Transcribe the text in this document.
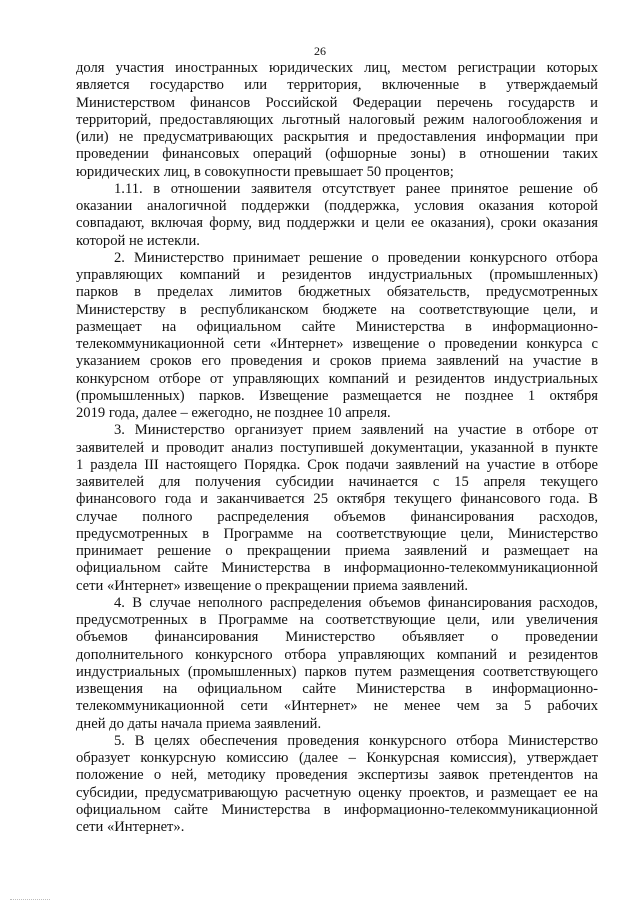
26
доля участия иностранных юридических лиц, местом регистрации которых
является государство или территория, включенные в утверждаемый
Министерством финансов Российской Федерации перечень государств и
территорий, предоставляющих льготный налоговый режим налогообложения и
(или) не предусматривающих раскрытия и предоставления информации при
проведении финансовых операций (офшорные зоны) в отношении таких
юридических лиц, в совокупности превышает 50 процентов;
1.11. в отношении заявителя отсутствует ранее принятое решение об
оказании аналогичной поддержки (поддержка, условия оказания которой
совпадают, включая форму, вид поддержки и цели ее оказания), сроки оказания
которой не истекли.
2. Министерство принимает решение о проведении конкурсного отбора
управляющих компаний и резидентов индустриальных (промышленных)
парков в пределах лимитов бюджетных обязательств, предусмотренных
Министерству в республиканском бюджете на соответствующие цели, и
размещает на официальном сайте Министерства в информационно-
телекоммуникационной сети «Интернет» извещение о проведении конкурса с
указанием сроков его проведения и сроков приема заявлений на участие в
конкурсном отборе от управляющих компаний и резидентов индустриальных
(промышленных) парков. Извещение размещается не позднее 1 октября
2019 года, далее – ежегодно, не позднее 10 апреля.
3. Министерство организует прием заявлений на участие в отборе от
заявителей и проводит анализ поступившей документации, указанной в пункте
1 раздела III настоящего Порядка. Срок подачи заявлений на участие в отборе
заявителей для получения субсидии начинается с 15 апреля текущего
финансового года и заканчивается 25 октября текущего финансового года. В
случае полного распределения объемов финансирования расходов,
предусмотренных в Программе на соответствующие цели, Министерство
принимает решение о прекращении приема заявлений и размещает на
официальном сайте Министерства в информационно-телекоммуникационной
сети «Интернет» извещение о прекращении приема заявлений.
4. В случае неполного распределения объемов финансирования расходов,
предусмотренных в Программе на соответствующие цели, или увеличения
объемов финансирования Министерство объявляет о проведении
дополнительного конкурсного отбора управляющих компаний и резидентов
индустриальных (промышленных) парков путем размещения соответствующего
извещения на официальном сайте Министерства в информационно-
телекоммуникационной сети «Интернет» не менее чем за 5 рабочих
дней до даты начала приема заявлений.
5. В целях обеспечения проведения конкурсного отбора Министерство
образует конкурсную комиссию (далее – Конкурсная комиссия), утверждает
положение о ней, методику проведения экспертизы заявок претендентов на
субсидии, предусматривающую расчетную оценку проектов, и размещает ее на
официальном сайте Министерства в информационно-телекоммуникационной
сети «Интернет».
